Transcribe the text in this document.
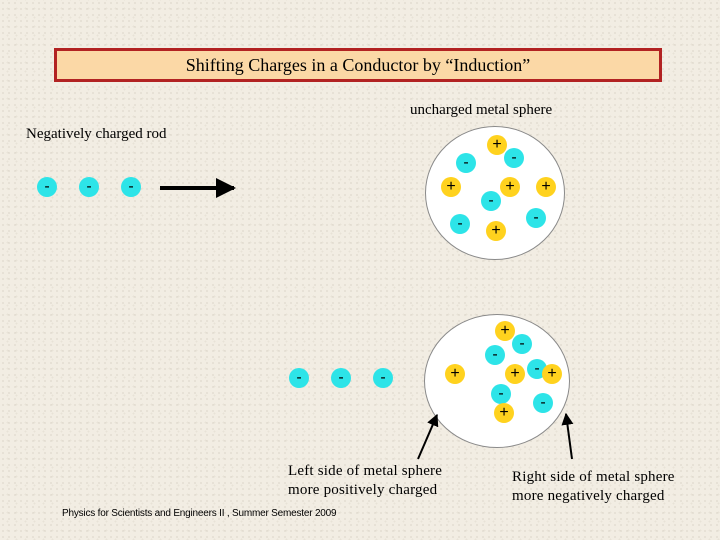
Shifting Charges in a Conductor by “Induction”
uncharged metal sphere
Negatively charged rod
-	-	-
+
-	-
+	+	+
-
-	-
+
-	-	-
+
-
-
+	+ - +
-
-
+
Left side of metal sphere
more positively charged
Right side of metal sphere
more negatively charged
Physics for Scientists and Engineers II , Summer Semester 2009
